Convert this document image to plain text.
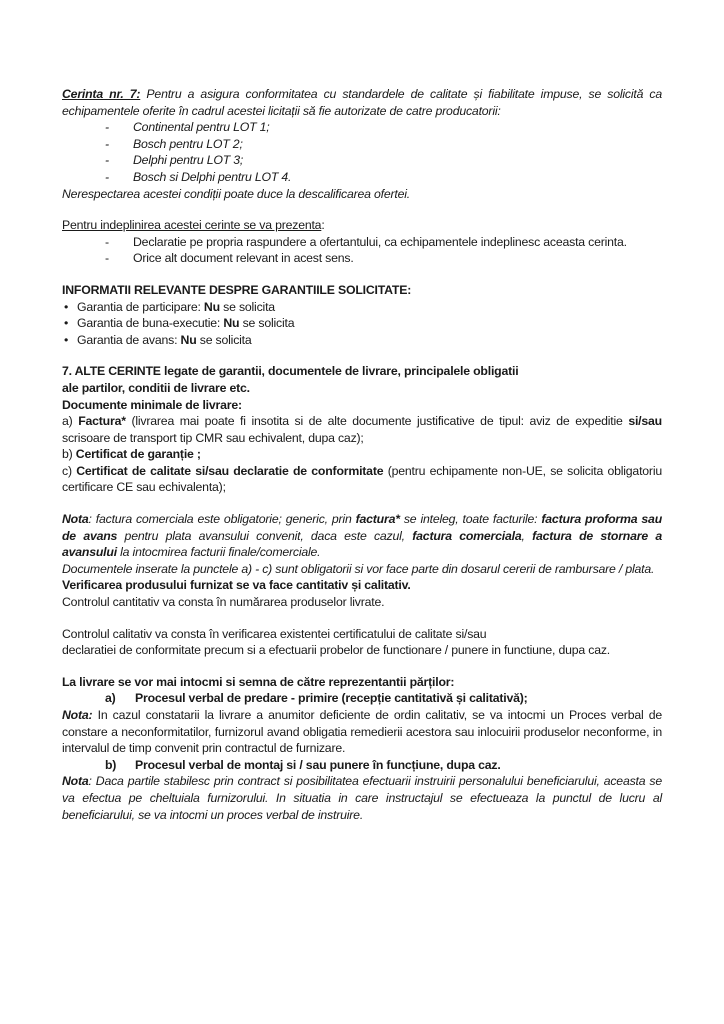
Cerinta nr. 7: Pentru a asigura conformitatea cu standardele de calitate și fiabilitate impuse, se solicită ca echipamentele oferite în cadrul acestei licitații să fie autorizate de catre producatorii:
-	Continental pentru LOT 1;
-	Bosch pentru LOT 2;
-	Delphi pentru LOT 3;
-	Bosch si Delphi pentru LOT 4.
Nerespectarea acestei condiții poate duce la descalificarea ofertei.
Pentru indeplinirea acestei cerinte se va prezenta:
-	Declaratie pe propria raspundere a ofertantului, ca echipamentele indeplinesc aceasta cerinta.
-	Orice alt document relevant in acest sens.
INFORMATII RELEVANTE DESPRE GARANTIILE SOLICITATE:
• Garantia de participare: Nu se solicita
• Garantia de buna-executie: Nu se solicita
• Garantia de avans: Nu se solicita
7. ALTE CERINTE legate de garantii, documentele de livrare, principalele obligatii
ale partilor, conditii de livrare etc.
Documente minimale de livrare:
a) Factura* (livrarea mai poate fi insotita si de alte documente justificative de tipul: aviz de expeditie si/sau scrisoare de transport tip CMR sau echivalent, dupa caz);
b) Certificat de garanție ;
c) Certificat de calitate si/sau declaratie de conformitate (pentru echipamente non-UE, se solicita obligatoriu certificare CE sau echivalenta);
Nota: factura comerciala este obligatorie; generic, prin factura* se inteleg, toate facturile: factura proforma sau de avans pentru plata avansului convenit, daca este cazul, factura comerciala, factura de stornare a avansului la intocmirea facturii finale/comerciale.
Documentele inserate la punctele a) - c) sunt obligatorii si vor face parte din dosarul cererii de rambursare / plata.
Verificarea produsului furnizat se va face cantitativ și calitativ.
Controlul cantitativ va consta în numărarea produselor livrate.
Controlul calitativ va consta în verificarea existentei certificatului de calitate si/sau
declaratiei de conformitate precum si a efectuarii probelor de functionare / punere in functiune, dupa caz.
La livrare se vor mai intocmi si semna de către reprezentantii părților:
a)	Procesul verbal de predare - primire (recepție cantitativă și calitativă);
Nota: In cazul constatarii la livrare a anumitor deficiente de ordin calitativ, se va intocmi un Proces verbal de constare a neconformitatilor, furnizorul avand obligatia remedierii acestora sau inlocuirii produselor neconforme, in intervalul de timp convenit prin contractul de furnizare.
b)	Procesul verbal de montaj si / sau punere în funcțiune, dupa caz.
Nota: Daca partile stabilesc prin contract si posibilitatea efectuarii instruirii personalului beneficiarului, aceasta se va efectua pe cheltuiala furnizorului. In situatia in care instructajul se efectueaza la punctul de lucru al beneficiarului, se va intocmi un proces verbal de instruire.
